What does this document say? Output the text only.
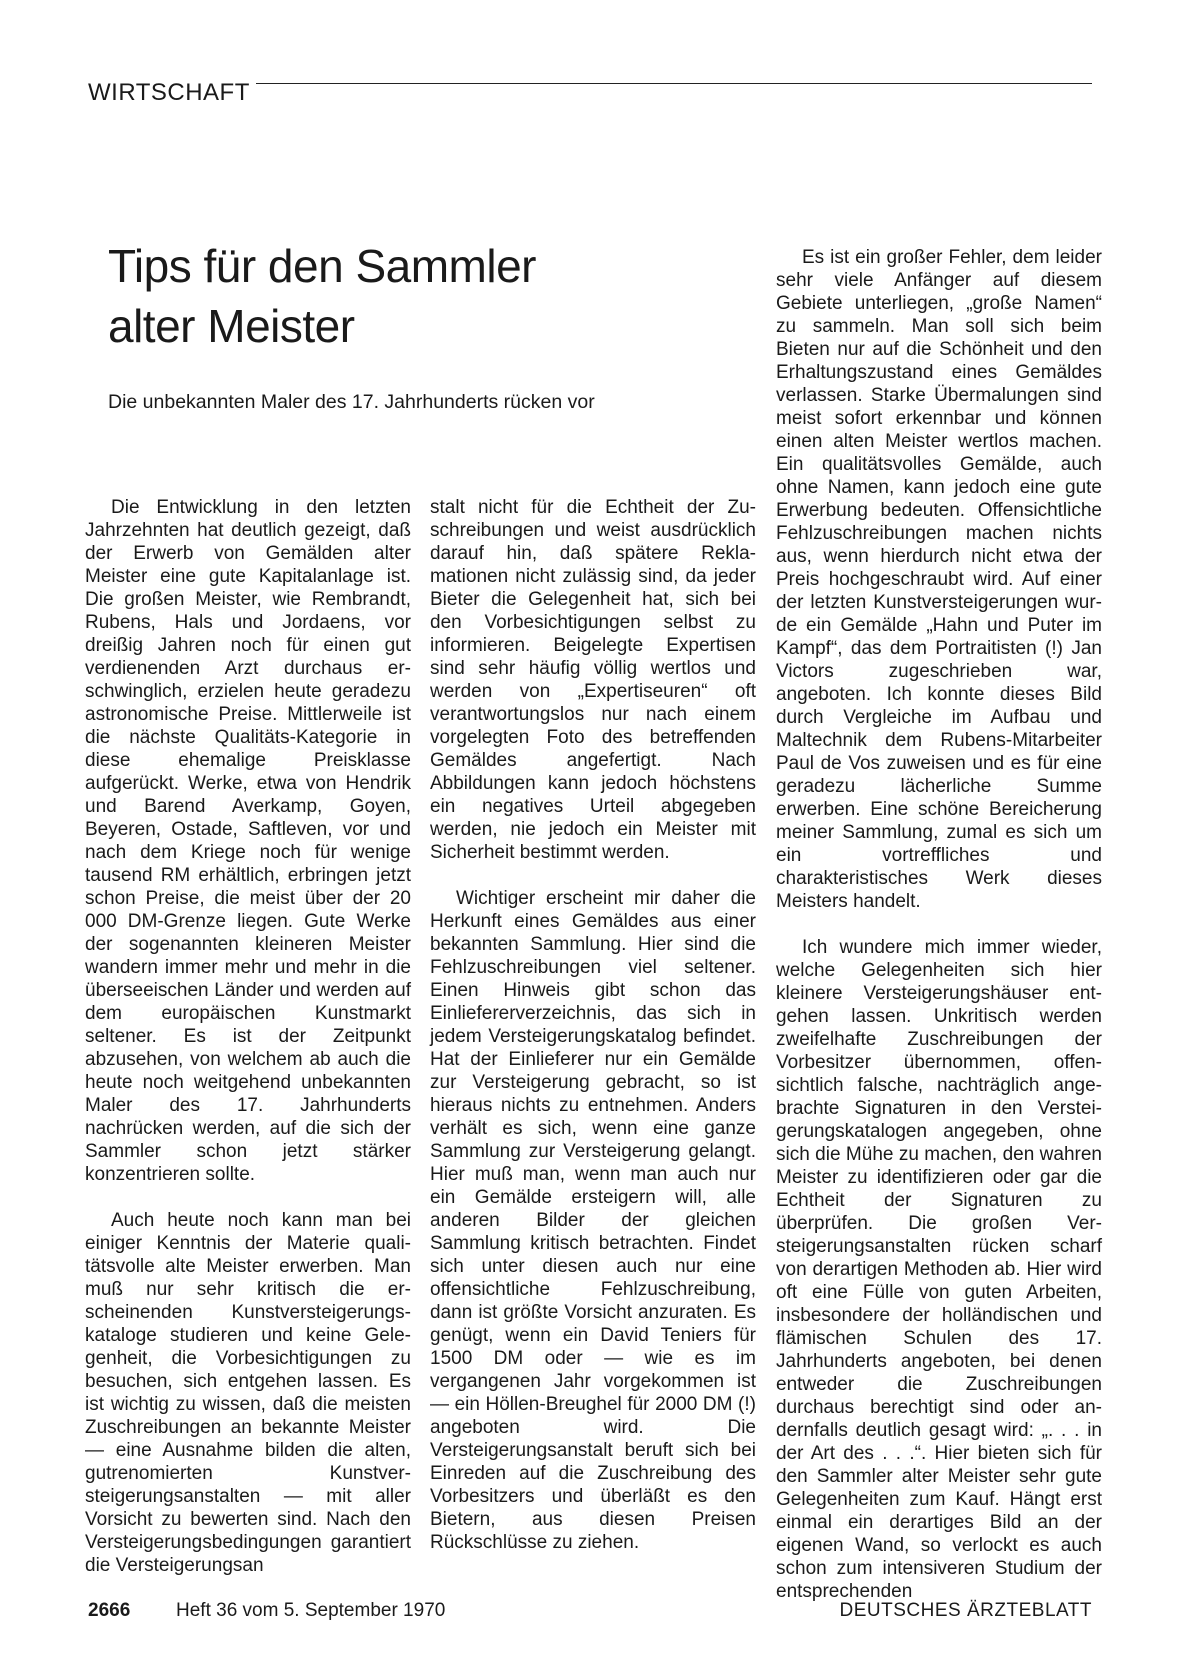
WIRTSCHAFT
Tips für den Sammler
alter Meister
Die unbekannten Maler des 17. Jahrhunderts rücken vor

Die Entwicklung in den letzten Jahrzehnten hat deutlich gezeigt, daß der Erwerb von Gemälden alter Meister eine gute Kapitalanlage ist. Die großen Meister, wie Rembrandt, Rubens, Hals und Jordaens, vor dreißig Jahren noch für einen gut verdienenden Arzt durchaus erschwinglich, erzielen heute geradezu astronomische Preise. Mittlerweile ist die nächste Qualitäts-Kategorie in diese ehemalige Preisklasse aufgerückt. Werke, etwa von Hendrik und Barend Averkamp, Goyen, Beyeren, Ostade, Saftleven, vor und nach dem Kriege noch für wenige tausend RM erhältlich, erbringen jetzt schon Preise, die meist über der 20 000 DM-Grenze liegen. Gute Werke der sogenannten kleineren Meister wandern immer mehr und mehr in die überseeischen Länder und werden auf dem europäischen Kunstmarkt seltener. Es ist der Zeitpunkt abzusehen, von welchem ab auch die heute noch weitgehend unbekannten Maler des 17. Jahrhunderts nachrücken werden, auf die sich der Sammler schon jetzt stärker konzentrieren sollte.

Auch heute noch kann man bei einiger Kenntnis der Materie qualitätsvolle alte Meister erwerben. Man muß nur sehr kritisch die erscheinenden Kunstversteigerungskataloge studieren und keine Gelegenheit, die Vorbesichtigungen zu besuchen, sich entgehen lassen. Es ist wichtig zu wissen, daß die meisten Zuschreibungen an bekannte Meister — eine Ausnahme bilden die alten, gutrenomierten Kunstversteigerungsanstalten — mit aller Vorsicht zu bewerten sind. Nach den Versteigerungsbedingungen garantiert die Versteigerungsan

stalt nicht für die Echtheit der Zuschreibungen und weist ausdrücklich darauf hin, daß spätere Reklamationen nicht zulässig sind, da jeder Bieter die Gelegenheit hat, sich bei den Vorbesichtigungen selbst zu informieren. Beigelegte Expertisen sind sehr häufig völlig wertlos und werden von „Expertiseuren“ oft verantwortungslos nur nach einem vorgelegten Foto des betreffenden Gemäldes angefertigt. Nach Abbildungen kann jedoch höchstens ein negatives Urteil abgegeben werden, nie jedoch ein Meister mit Sicherheit bestimmt werden.

Wichtiger erscheint mir daher die Herkunft eines Gemäldes aus einer bekannten Sammlung. Hier sind die Fehlzuschreibungen viel seltener. Einen Hinweis gibt schon das Einliefererverzeichnis, das sich in jedem Versteigerungskatalog befindet. Hat der Einlieferer nur ein Gemälde zur Versteigerung gebracht, so ist hieraus nichts zu entnehmen. Anders verhält es sich, wenn eine ganze Sammlung zur Versteigerung gelangt. Hier muß man, wenn man auch nur ein Gemälde ersteigern will, alle anderen Bilder der gleichen Sammlung kritisch betrachten. Findet sich unter diesen auch nur eine offensichtliche Fehlzuschreibung, dann ist größte Vorsicht anzuraten. Es genügt, wenn ein David Teniers für 1500 DM oder — wie es im vergangenen Jahr vorgekommen ist — ein Höllen-Breughel für 2000 DM (!) angeboten wird. Die Versteigerungsanstalt beruft sich bei Einreden auf die Zuschreibung des Vorbesitzers und überläßt es den Bietern, aus diesen Preisen Rückschlüsse zu ziehen.

Es ist ein großer Fehler, dem leider sehr viele Anfänger auf diesem Gebiete unterliegen, „große Namen“ zu sammeln. Man soll sich beim Bieten nur auf die Schönheit und den Erhaltungszustand eines Gemäldes verlassen. Starke Übermalungen sind meist sofort erkennbar und können einen alten Meister wertlos machen. Ein qualitätsvolles Gemälde, auch ohne Namen, kann jedoch eine gute Erwerbung bedeuten. Offensichtliche Fehlzuschreibungen machen nichts aus, wenn hierdurch nicht etwa der Preis hochgeschraubt wird. Auf einer der letzten Kunstversteigerungen wurde ein Gemälde „Hahn und Puter im Kampf“, das dem Portraitisten (!) Jan Victors zugeschrieben war, angeboten. Ich konnte dieses Bild durch Vergleiche im Aufbau und Maltechnik dem Rubens-Mitarbeiter Paul de Vos zuweisen und es für eine geradezu lächerliche Summe erwerben. Eine schöne Bereicherung meiner Sammlung, zumal es sich um ein vortreffliches und charakteristisches Werk dieses Meisters handelt.

Ich wundere mich immer wieder, welche Gelegenheiten sich hier kleinere Versteigerungshäuser entgehen lassen. Unkritisch werden zweifelhafte Zuschreibungen der Vorbesitzer übernommen, offensichtlich falsche, nachträglich angebrachte Signaturen in den Versteigerungskatalogen angegeben, ohne sich die Mühe zu machen, den wahren Meister zu identifizieren oder gar die Echtheit der Signaturen zu überprüfen. Die großen Versteigerungsanstalten rücken scharf von derartigen Methoden ab. Hier wird oft eine Fülle von guten Arbeiten, insbesondere der holländischen und flämischen Schulen des 17. Jahrhunderts angeboten, bei denen entweder die Zuschreibungen durchaus berechtigt sind oder andernfalls deutlich gesagt wird: „. . . in der Art des . . .“. Hier bieten sich für den Sammler alter Meister sehr gute Gelegenheiten zum Kauf. Hängt erst einmal ein derartiges Bild an der eigenen Wand, so verlockt es auch schon zum intensiveren Studium der entsprechenden

2666 Heft 36 vom 5. September 1970	DEUTSCHES ÄRZTEBLATT
